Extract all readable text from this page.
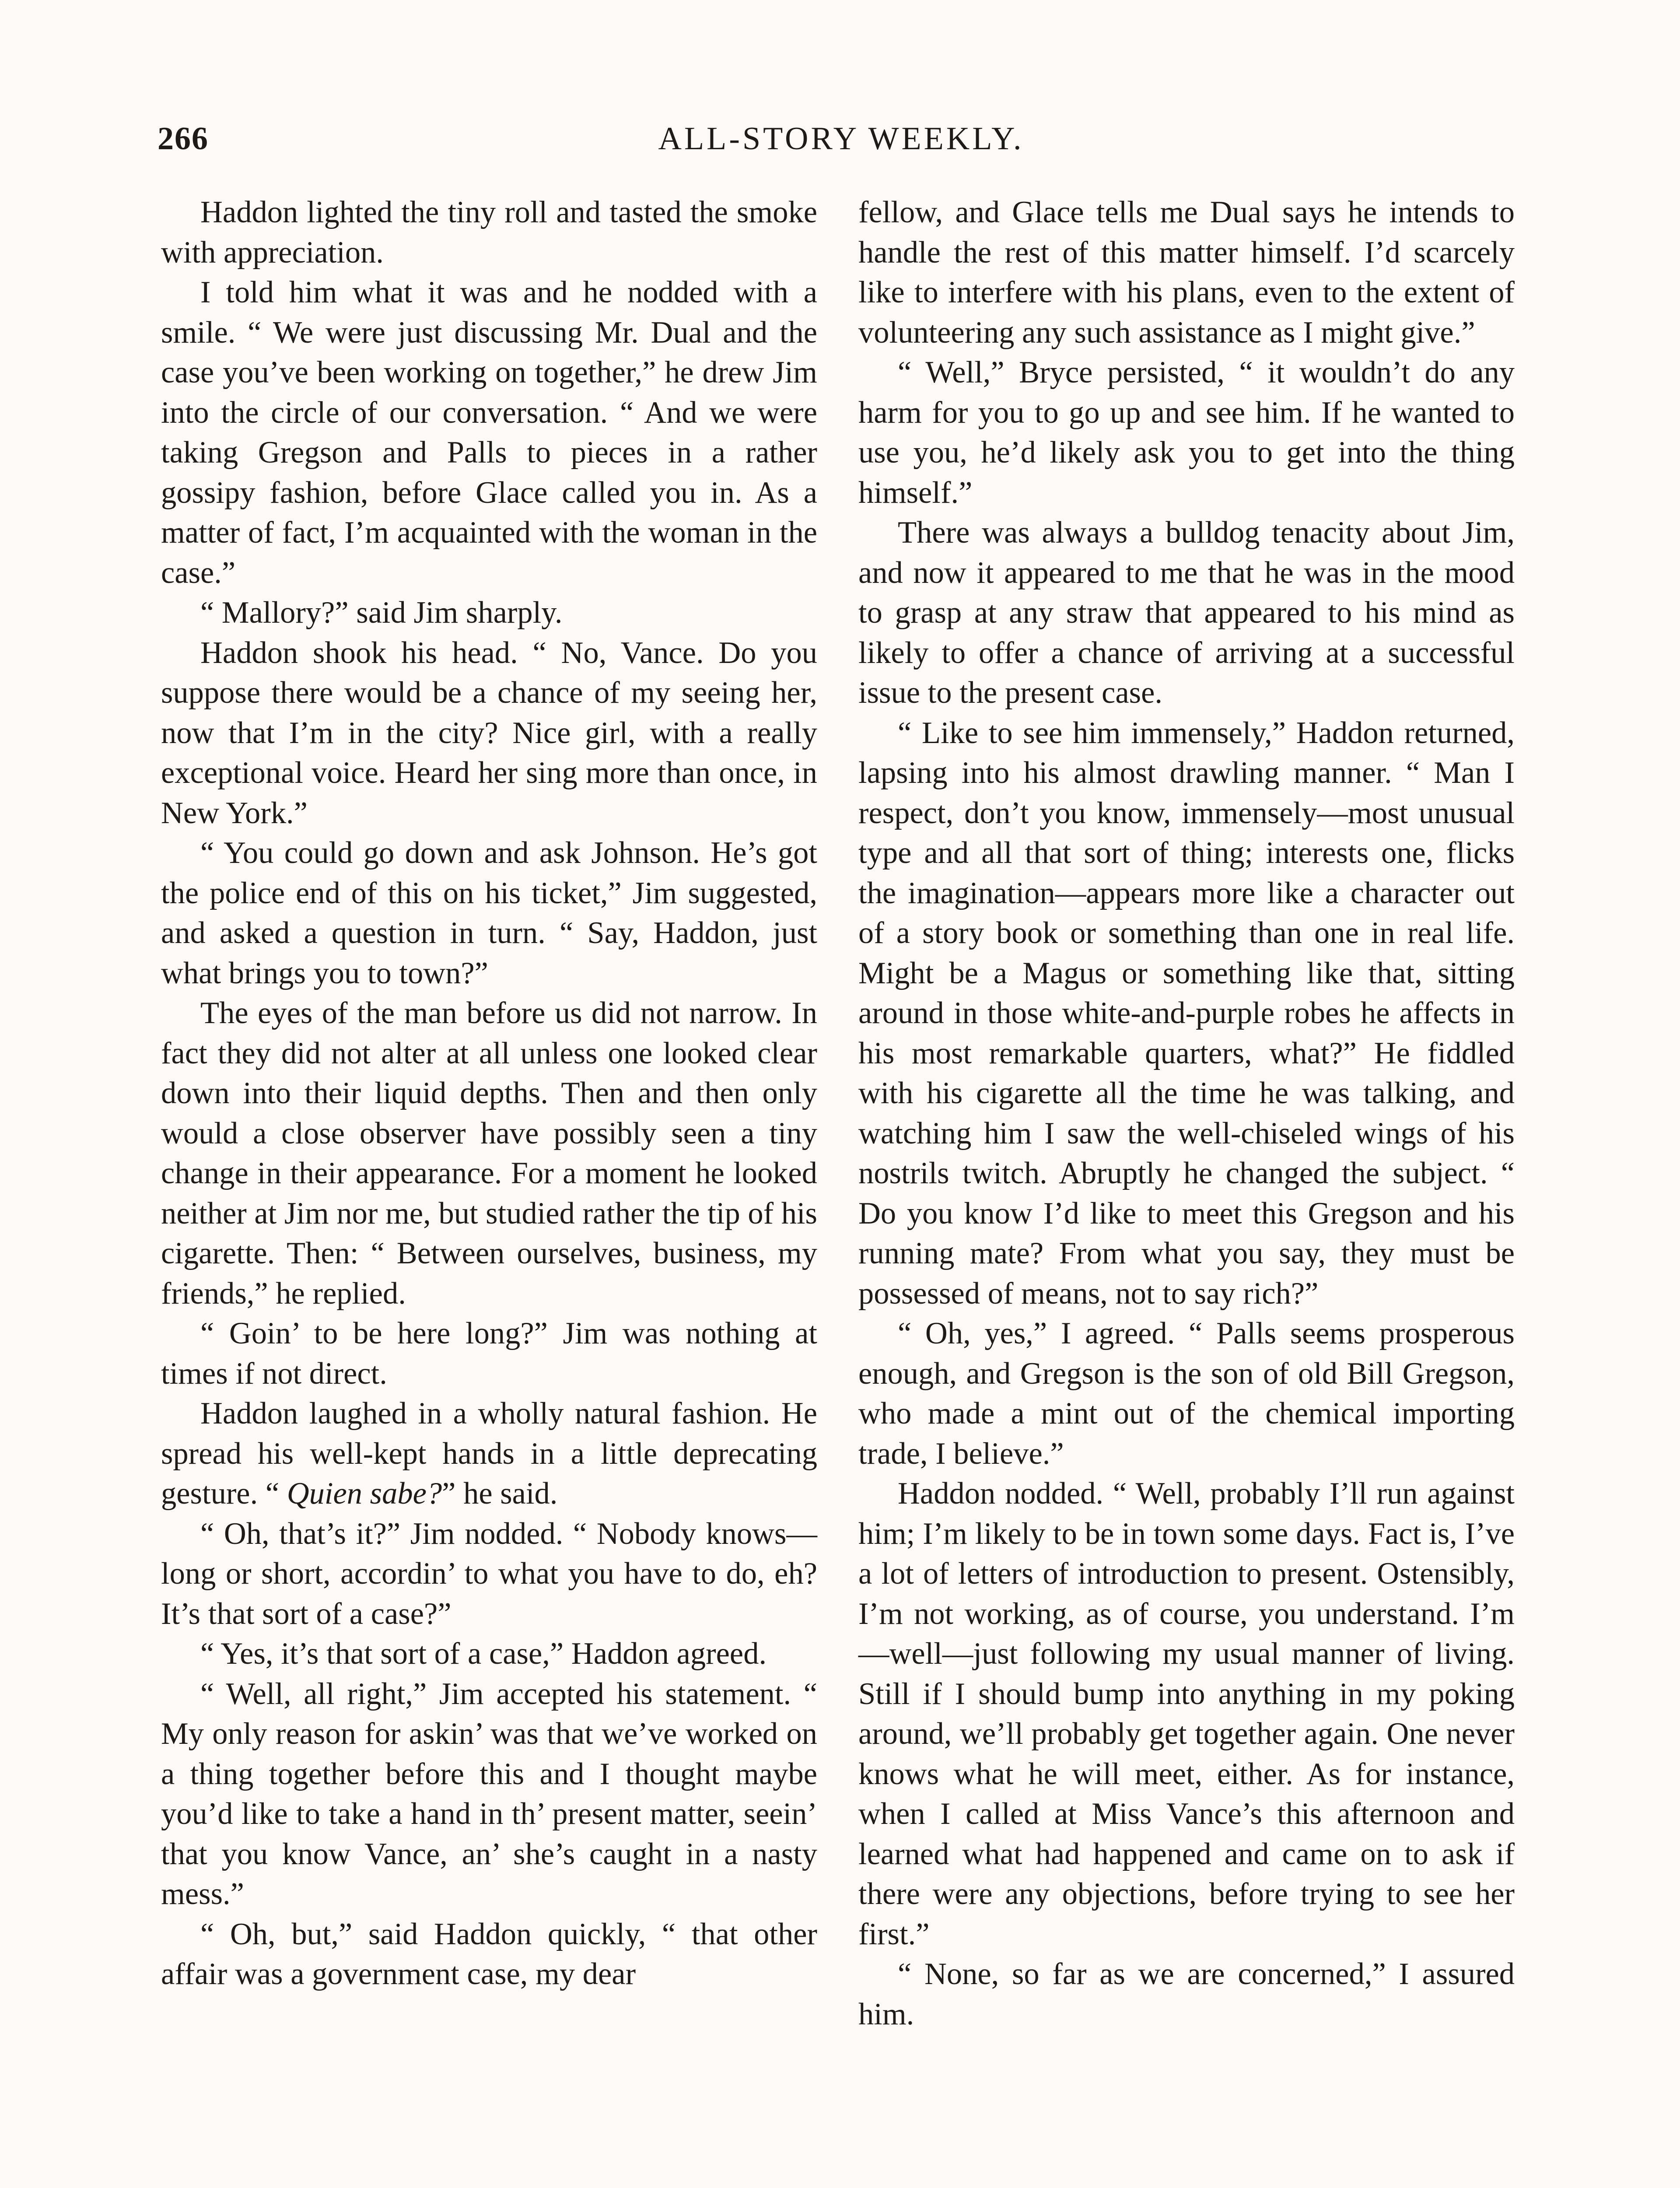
266	ALL-STORY WEEKLY.

Haddon lighted the tiny roll and tasted the smoke with appreciation.

I told him what it was and he nodded with a smile. “ We were just discussing Mr. Dual and the case you’ve been working on together,” he drew Jim into the circle of our conversation. “ And we were taking Gregson and Palls to pieces in a rather gossipy fashion, before Glace called you in. As a matter of fact, I’m acquainted with the woman in the case.”

“ Mallory?” said Jim sharply.

Haddon shook his head. “ No, Vance. Do you suppose there would be a chance of my seeing her, now that I’m in the city? Nice girl, with a really exceptional voice. Heard her sing more than once, in New York.”

“ You could go down and ask Johnson. He’s got the police end of this on his ticket,” Jim suggested, and asked a question in turn. “ Say, Haddon, just what brings you to town?”

The eyes of the man before us did not narrow. In fact they did not alter at all unless one looked clear down into their liquid depths. Then and then only would a close observer have possibly seen a tiny change in their appearance. For a moment he looked neither at Jim nor me, but studied rather the tip of his cigarette. Then: “ Between ourselves, business, my friends,” he replied.

“ Goin’ to be here long?” Jim was nothing at times if not direct.

Haddon laughed in a wholly natural fashion. He spread his well-kept hands in a little deprecating gesture. “ Quien sabe?” he said.

“ Oh, that’s it?” Jim nodded. “ Nobody knows—long or short, accordin’ to what you have to do, eh? It’s that sort of a case?”

“ Yes, it’s that sort of a case,” Haddon agreed.

“ Well, all right,” Jim accepted his statement. “ My only reason for askin’ was that we’ve worked on a thing together before this and I thought maybe you’d like to take a hand in th’ present matter, seein’ that you know Vance, an’ she’s caught in a nasty mess.”

“ Oh, but,” said Haddon quickly, “ that other affair was a government case, my dear

fellow, and Glace tells me Dual says he intends to handle the rest of this matter himself. I’d scarcely like to interfere with his plans, even to the extent of volunteering any such assistance as I might give.”

“ Well,” Bryce persisted, “ it wouldn’t do any harm for you to go up and see him. If he wanted to use you, he’d likely ask you to get into the thing himself.”

There was always a bulldog tenacity about Jim, and now it appeared to me that he was in the mood to grasp at any straw that appeared to his mind as likely to offer a chance of arriving at a successful issue to the present case.

“ Like to see him immensely,” Haddon returned, lapsing into his almost drawling manner. “ Man I respect, don’t you know, immensely—most unusual type and all that sort of thing; interests one, flicks the imagination—appears more like a character out of a story book or something than one in real life. Might be a Magus or something like that, sitting around in those white-and-purple robes he affects in his most remarkable quarters, what?” He fiddled with his cigarette all the time he was talking, and watching him I saw the well-chiseled wings of his nostrils twitch. Abruptly he changed the subject. “ Do you know I’d like to meet this Gregson and his running mate? From what you say, they must be possessed of means, not to say rich?”

“ Oh, yes,” I agreed. “ Palls seems prosperous enough, and Gregson is the son of old Bill Gregson, who made a mint out of the chemical importing trade, I believe.”

Haddon nodded. “ Well, probably I’ll run against him; I’m likely to be in town some days. Fact is, I’ve a lot of letters of introduction to present. Ostensibly, I’m not working, as of course, you understand. I’m —well—just following my usual manner of living. Still if I should bump into anything in my poking around, we’ll probably get together again. One never knows what he will meet, either. As for instance, when I called at Miss Vance’s this afternoon and learned what had happened and came on to ask if there were any objections, before trying to see her first.”

“ None, so far as we are concerned,” I assured him.
